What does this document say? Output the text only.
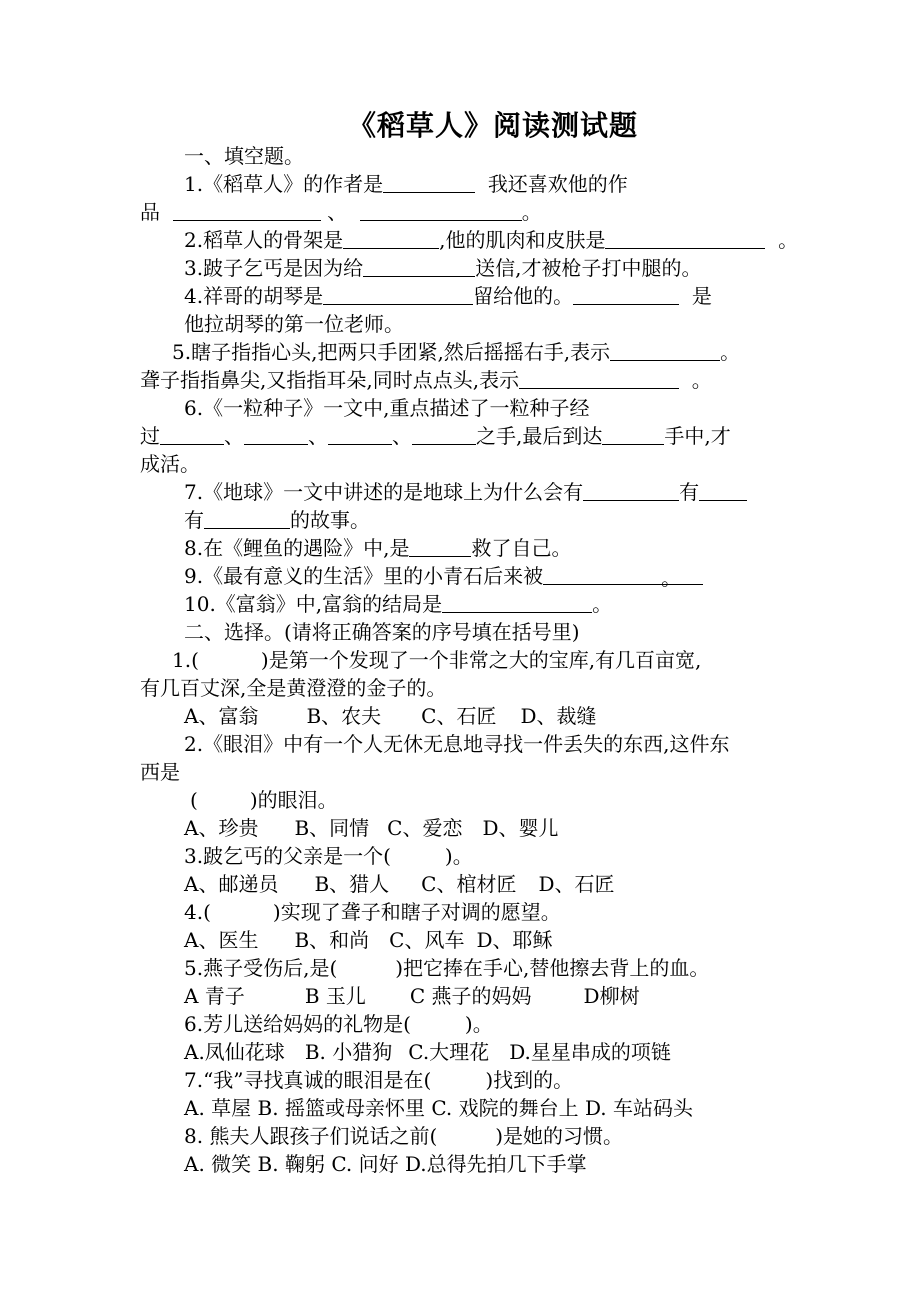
《稻草人》阅读测试题
一、填空题。
1.《稻草人》的作者是	我还喜欢他的作
品	、	。
2.稻草人的骨架是	,他的肌肉和皮肤是	。
3.跛子乞丐是因为给	送信,才被枪子打中腿的。
4.祥哥的胡琴是	留给他的。	是
他拉胡琴的第一位老师。
5.瞎子指指心头,把两只手团紧,然后摇摇右手,表示	。
聋子指指鼻尖,又指指耳朵,同时点点头,表示	。
6.《一粒种子》一文中,重点描述了一粒种子经
过	、	、	、	之手,最后到达	手中,才
成活。
7.《地球》一文中讲述的是地球上为什么会有	有
有	的故事。
8.在《鲤鱼的遇险》中,是	救了自己。
9.《最有意义的生活》里的小青石后来被	。
10.《富翁》中,富翁的结局是	。
二、选择。(请将正确答案的序号填在括号里)
1.(	)是第一个发现了一个非常之大的宝库,有几百亩宽,
有几百丈深,全是黄澄澄的金子的。
A、富翁 B、农夫 C、石匠 D、裁缝
2.《眼泪》中有一个人无休无息地寻找一件丢失的东西,这件东
西是
(	)的眼泪。
A、珍贵 B、同情 C、爱恋 D、婴儿
3.跛乞丐的父亲是一个(	)。
A、邮递员 B、猎人 C、棺材匠 D、石匠
4.(	)实现了聋子和瞎子对调的愿望。
A、医生 B、和尚 C、风车 D、耶稣
5.燕子受伤后,是(	)把它捧在手心,替他擦去背上的血。
A 青子	B 玉儿 C 燕子的妈妈	D柳树
6.芳儿送给妈妈的礼物是(	)。
A.凤仙花球 B. 小猎狗 C.大理花 D.星星串成的项链
7.“我”寻找真诚的眼泪是在(	)找到的。
A. 草屋 B. 摇篮或母亲怀里 C. 戏院的舞台上 D. 车站码头
8. 熊夫人跟孩子们说话之前(	)是她的习惯。
A. 微笑 B. 鞠躬 C. 问好 D.总得先拍几下手掌
